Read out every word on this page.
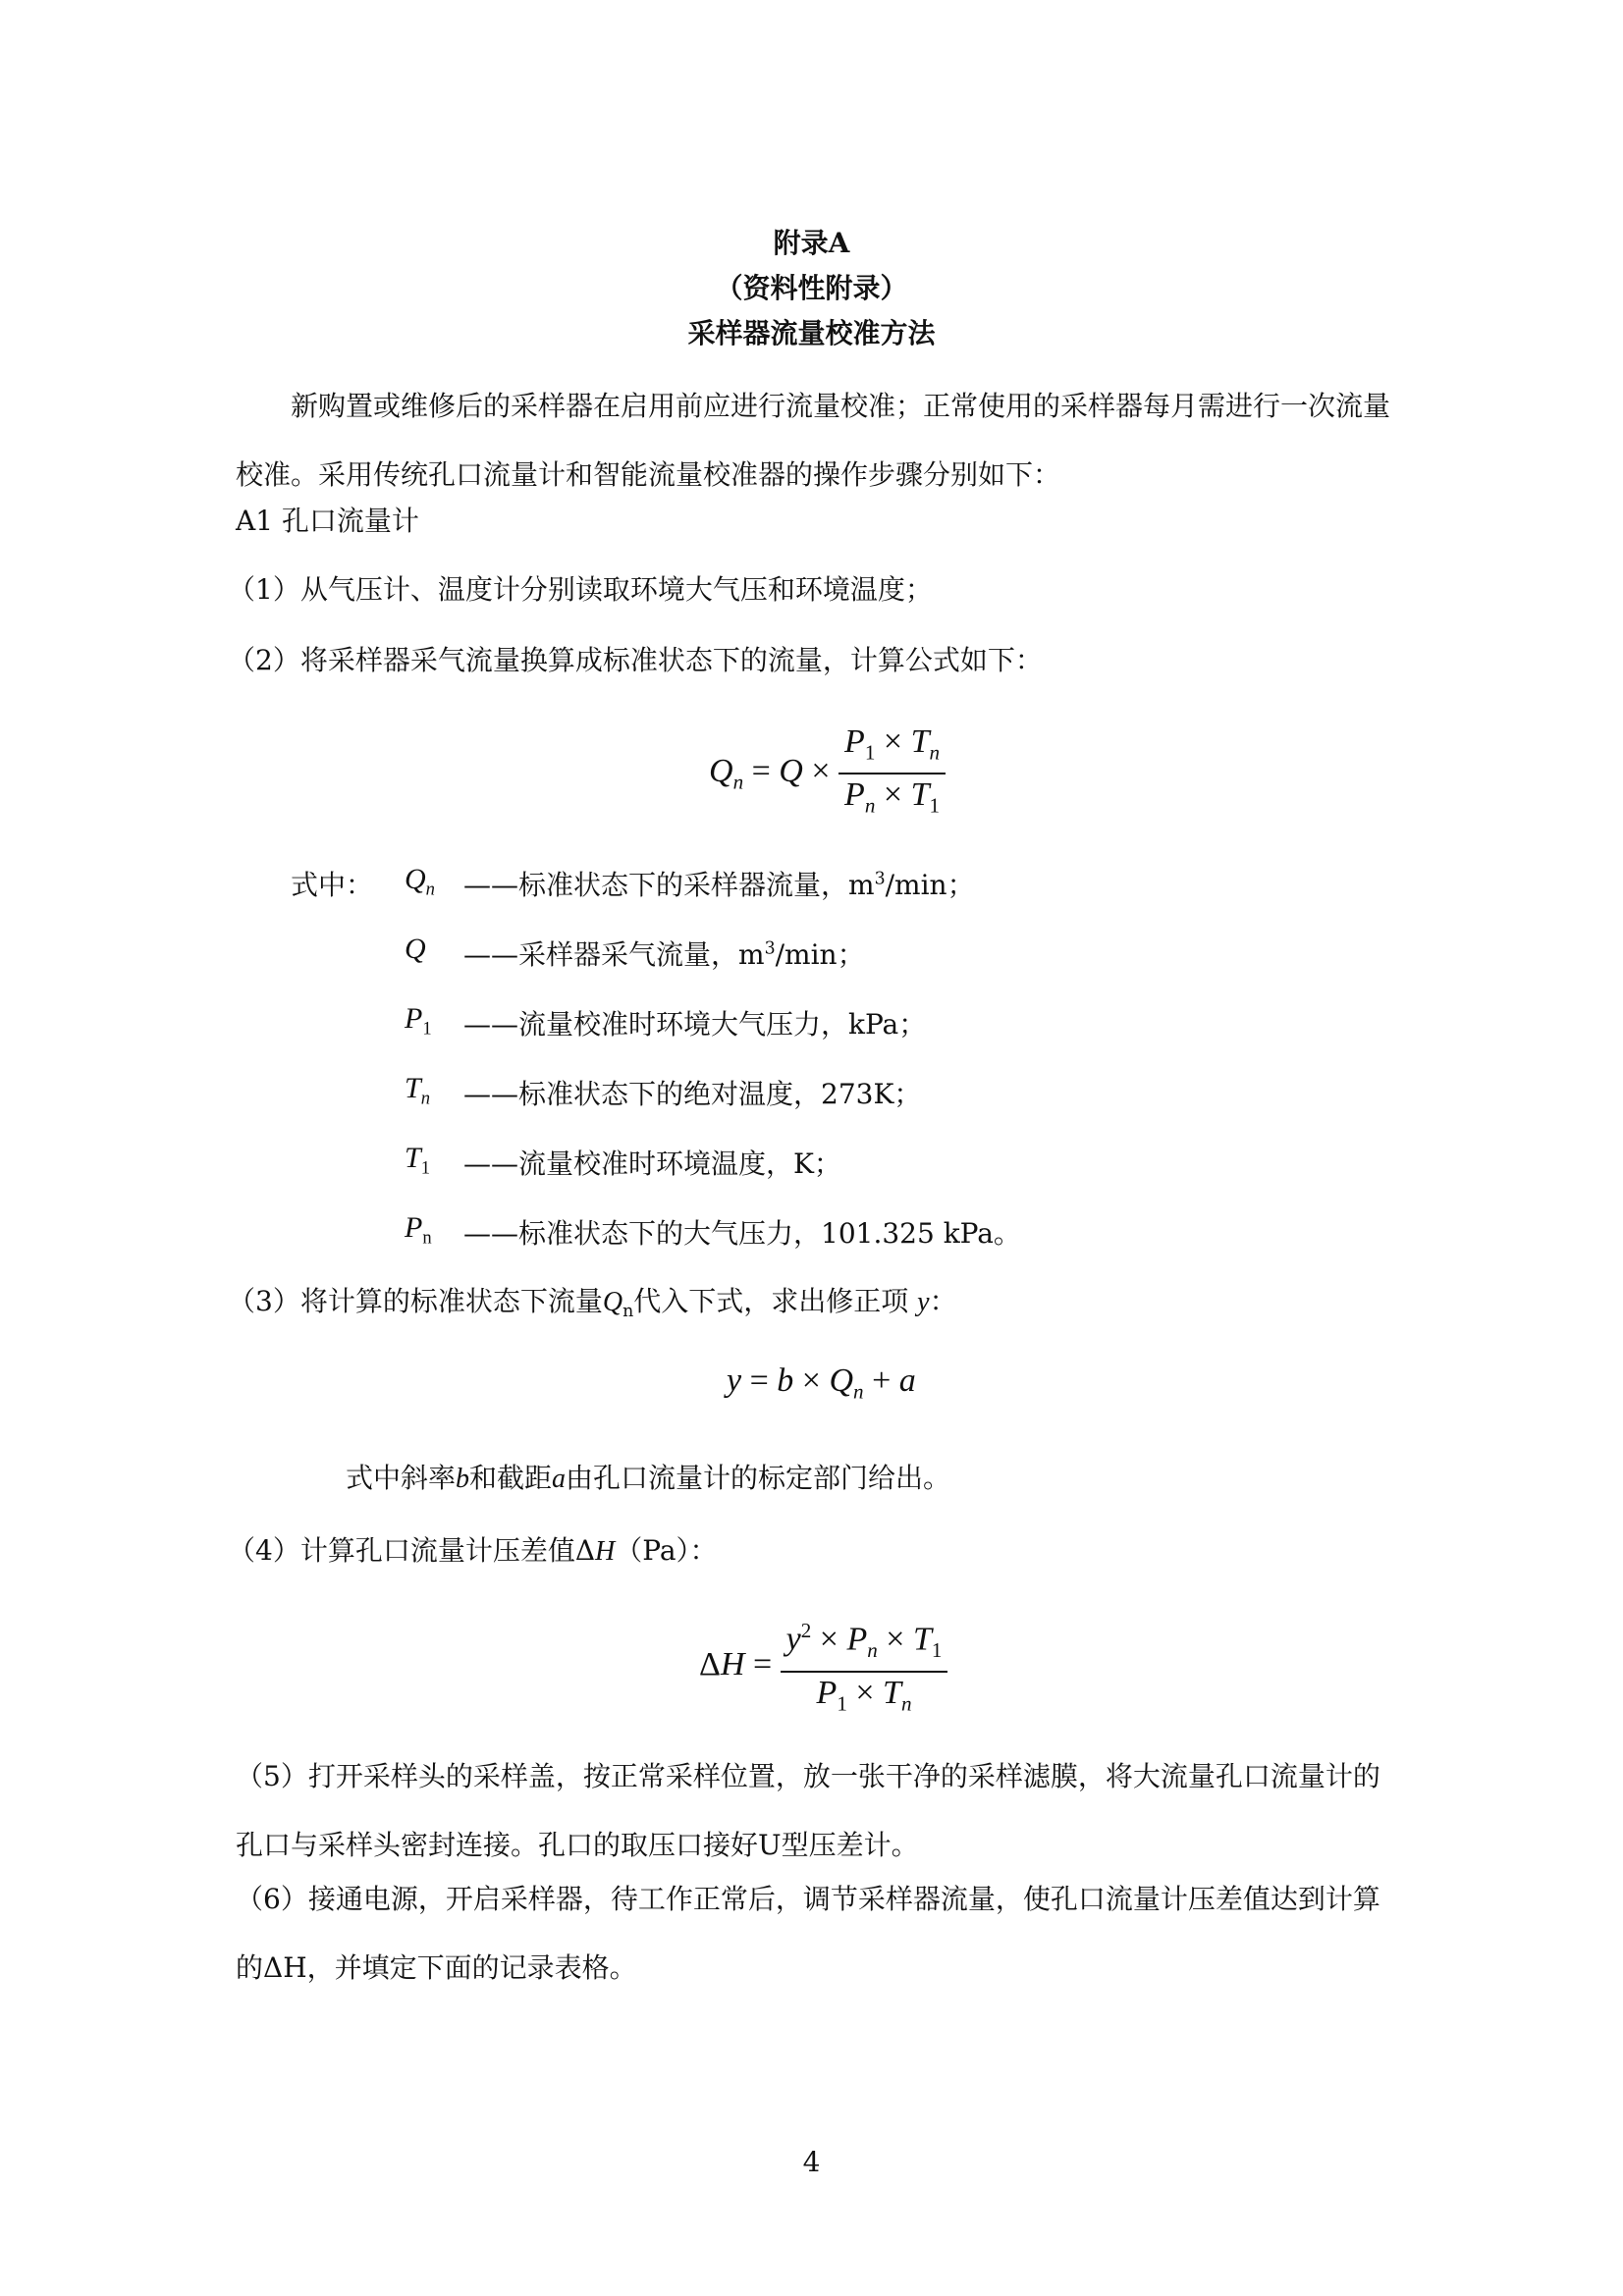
附录A
（资料性附录）
采样器流量校准方法

新购置或维修后的采样器在启用前应进行流量校准；正常使用的采样器每月需进行一次流量校准。采用传统孔口流量计和智能流量校准器的操作步骤分别如下：

A1 孔口流量计
（1）从气压计、温度计分别读取环境大气压和环境温度；
（2）将采样器采气流量换算成标准状态下的流量，计算公式如下：
$Q_n = Q \times \frac{P_1 \times T_n}{P_n \times T_1}$
式中： $Q_n$ ——标准状态下的采样器流量，$m^3/\min$；
Q ——采样器采气流量，$m^3/\min$；
$P_1$ ——流量校准时环境大气压力，kPa；
$T_n$ ——标准状态下的绝对温度，273K；
$T_1$ ——流量校准时环境温度，K；
$P_n$ ——标准状态下的大气压力，101.325 kPa。
（3）将计算的标准状态下流量$Q_n$代入下式，求出修正项 y：
$y = b \times Q_n + a$
式中斜率b和截距a由孔口流量计的标定部门给出。
（4）计算孔口流量计压差值ΔH（Pa）：
$\Delta H = \frac{y^2 \times P_n \times T_1}{P_1 \times T_n}$

（5）打开采样头的采样盖，按正常采样位置，放一张干净的采样滤膜，将大流量孔口流量计的孔口与采样头密封连接。孔口的取压口接好U型压差计。

（6）接通电源，开启采样器，待工作正常后，调节采样器流量，使孔口流量计压差值达到计算的ΔH，并填定下面的记录表格。

4
